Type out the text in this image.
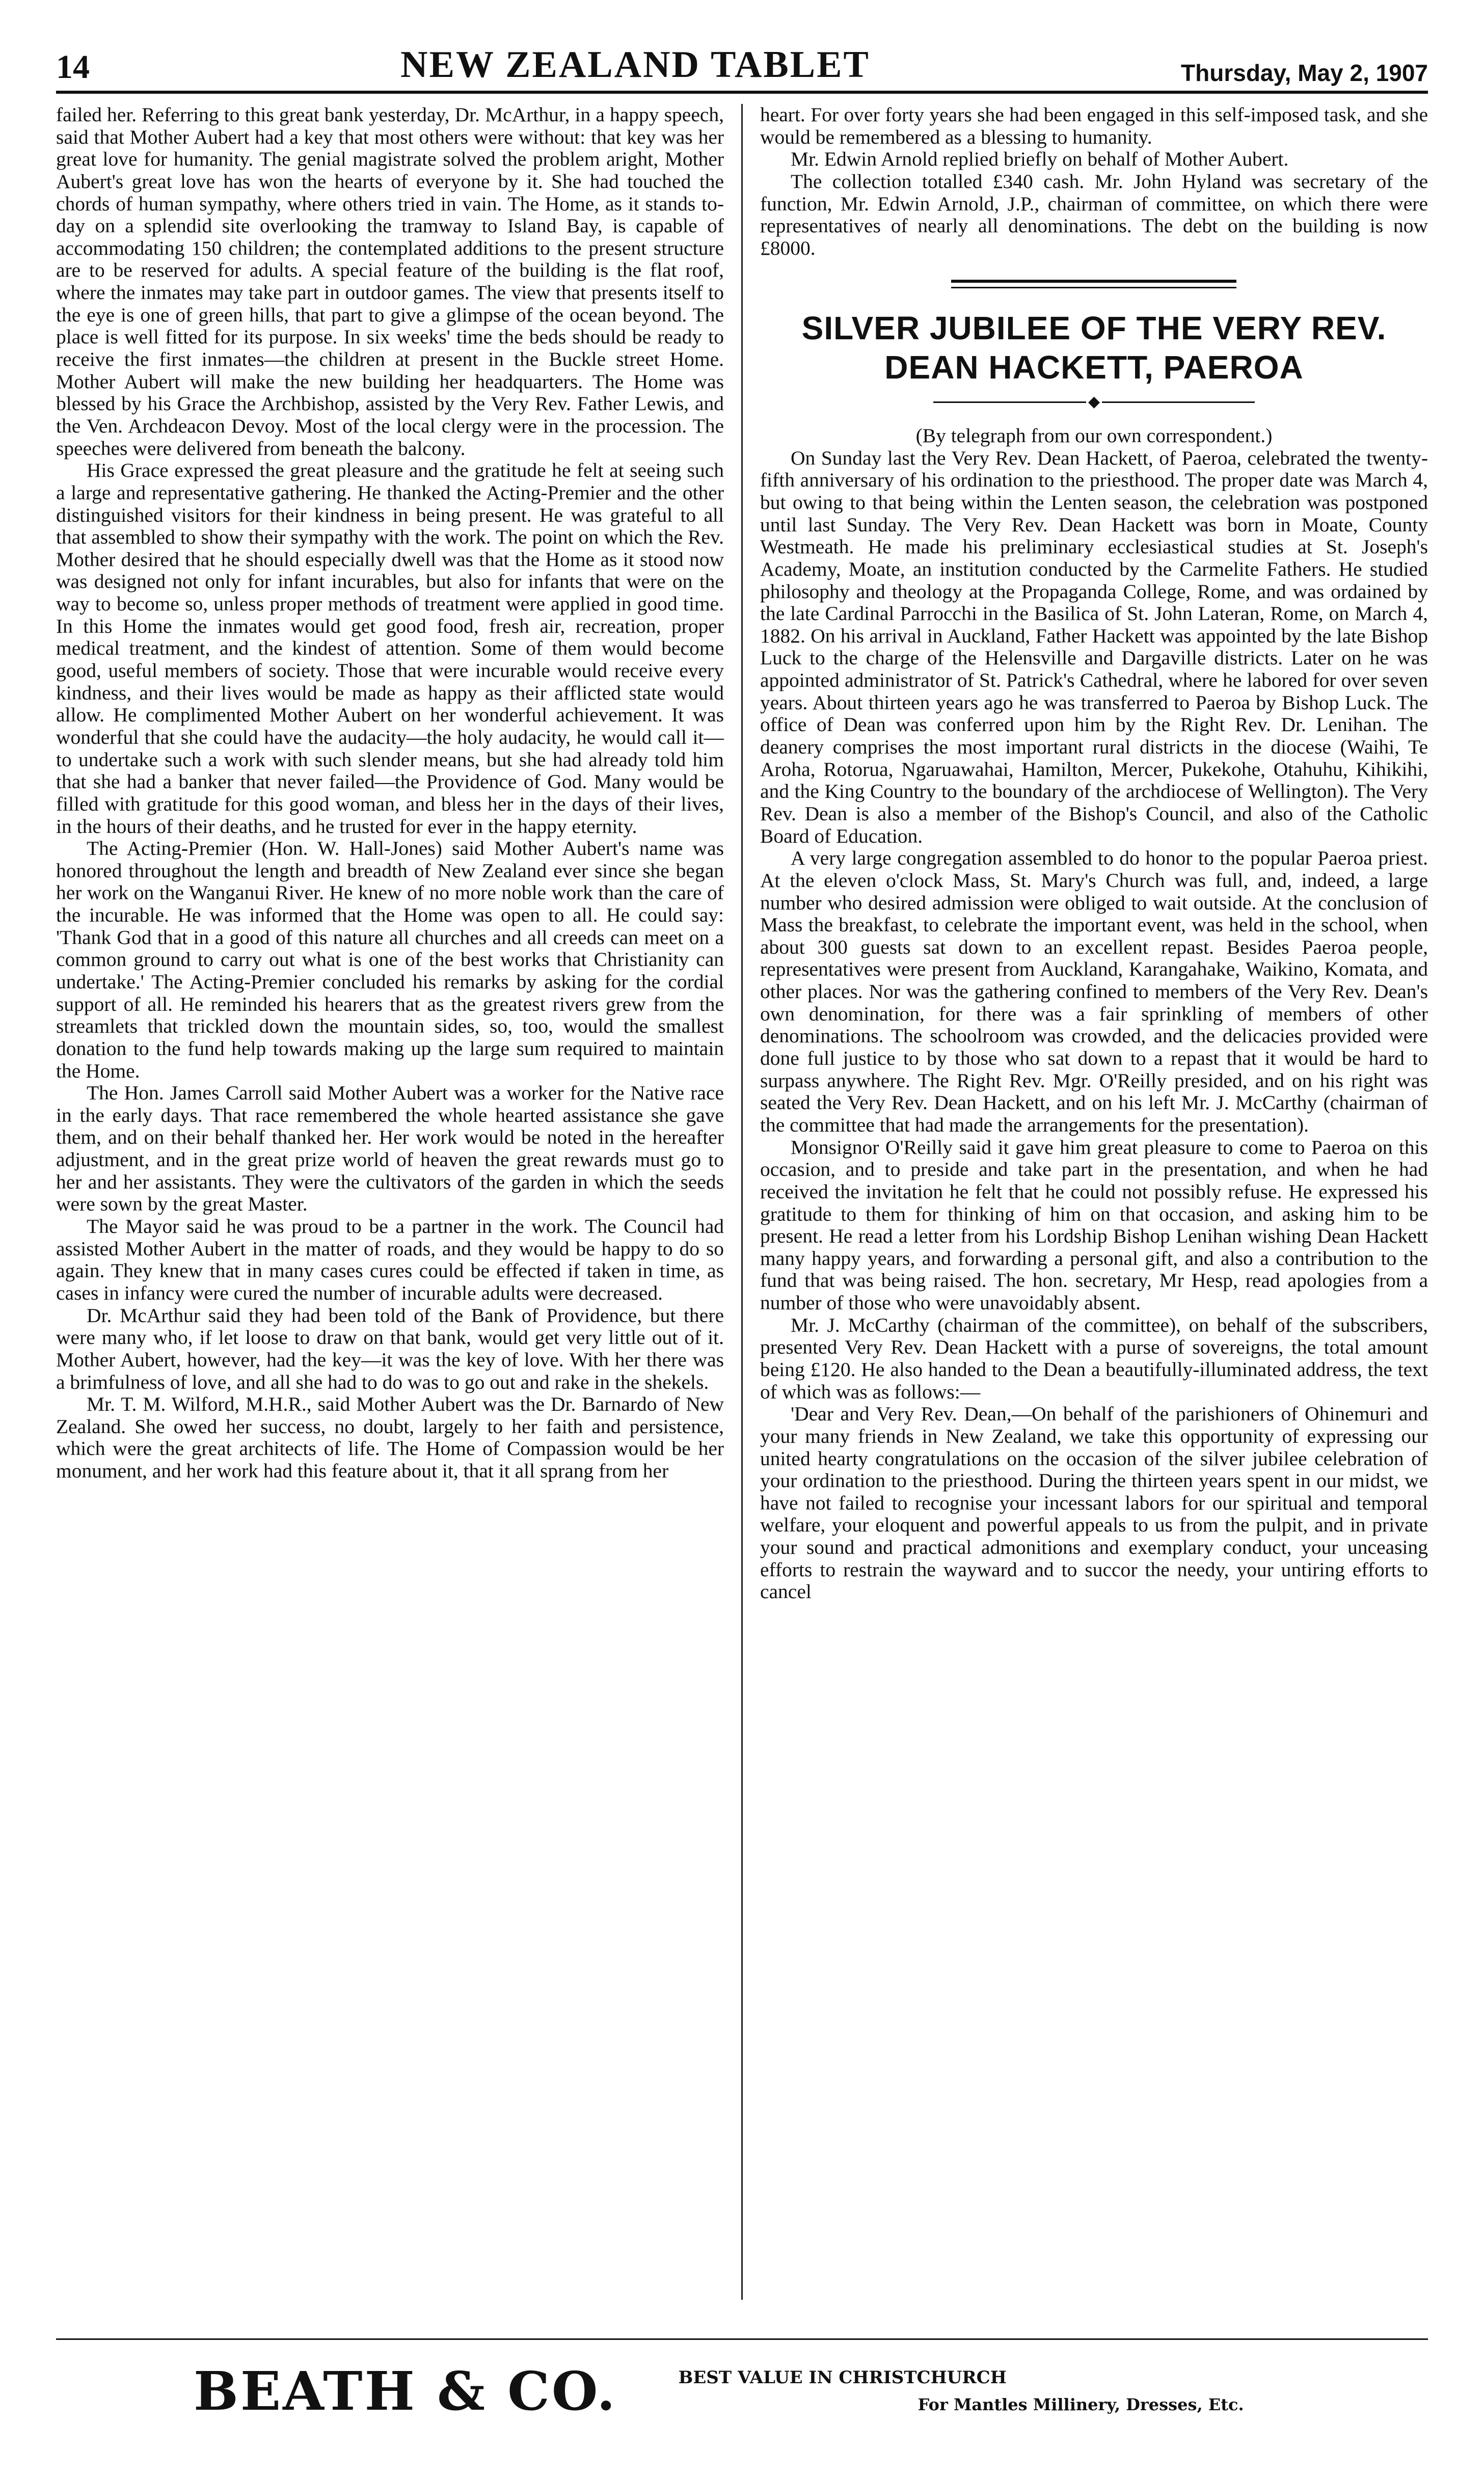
14	NEW ZEALAND TABLET	Thursday, May 2, 1907

failed her. Referring to this great bank yesterday, Dr. McArthur, in a happy speech, said that Mother Aubert had a key that most others were without: that key was her great love for humanity. The genial magistrate solved the problem aright, Mother Aubert's great love has won the hearts of everyone by it. She had touched the chords of human sympathy, where others tried in vain. The Home, as it stands to-day on a splendid site overlooking the tramway to Island Bay, is capable of accommodating 150 children; the contemplated additions to the present structure are to be reserved for adults. A special feature of the building is the flat roof, where the inmates may take part in outdoor games. The view that presents itself to the eye is one of green hills, that part to give a glimpse of the ocean beyond. The place is well fitted for its purpose. In six weeks' time the beds should be ready to receive the first inmates—the children at present in the Buckle street Home. Mother Aubert will make the new building her headquarters. The Home was blessed by his Grace the Archbishop, assisted by the Very Rev. Father Lewis, and the Ven. Archdeacon Devoy. Most of the local clergy were in the procession. The speeches were delivered from beneath the balcony.

His Grace expressed the great pleasure and the gratitude he felt at seeing such a large and representative gathering. He thanked the Acting-Premier and the other distinguished visitors for their kindness in being present. He was grateful to all that assembled to show their sympathy with the work. The point on which the Rev. Mother desired that he should especially dwell was that the Home as it stood now was designed not only for infant incurables, but also for infants that were on the way to become so, unless proper methods of treatment were applied in good time. In this Home the inmates would get good food, fresh air, recreation, proper medical treatment, and the kindest of attention. Some of them would become good, useful members of society. Those that were incurable would receive every kindness, and their lives would be made as happy as their afflicted state would allow. He complimented Mother Aubert on her wonderful achievement. It was wonderful that she could have the audacity—the holy audacity, he would call it—to undertake such a work with such slender means, but she had already told him that she had a banker that never failed—the Providence of God. Many would be filled with gratitude for this good woman, and bless her in the days of their lives, in the hours of their deaths, and he trusted for ever in the happy eternity.

The Acting-Premier (Hon. W. Hall-Jones) said Mother Aubert's name was honored throughout the length and breadth of New Zealand ever since she began her work on the Wanganui River. He knew of no more noble work than the care of the incurable. He was informed that the Home was open to all. He could say: 'Thank God that in a good of this nature all churches and all creeds can meet on a common ground to carry out what is one of the best works that Christianity can undertake.' The Acting-Premier concluded his remarks by asking for the cordial support of all. He reminded his hearers that as the greatest rivers grew from the streamlets that trickled down the mountain sides, so, too, would the smallest donation to the fund help towards making up the large sum required to maintain the Home.

The Hon. James Carroll said Mother Aubert was a worker for the Native race in the early days. That race remembered the whole hearted assistance she gave them, and on their behalf thanked her. Her work would be noted in the hereafter adjustment, and in the great prize world of heaven the great rewards must go to her and her assistants. They were the cultivators of the garden in which the seeds were sown by the great Master.

The Mayor said he was proud to be a partner in the work. The Council had assisted Mother Aubert in the matter of roads, and they would be happy to do so again. They knew that in many cases cures could be effected if taken in time, as cases in infancy were cured the number of incurable adults were decreased.

Dr. McArthur said they had been told of the Bank of Providence, but there were many who, if let loose to draw on that bank, would get very little out of it. Mother Aubert, however, had the key—it was the key of love. With her there was a brimfulness of love, and all she had to do was to go out and rake in the shekels.

Mr. T. M. Wilford, M.H.R., said Mother Aubert was the Dr. Barnardo of New Zealand. She owed her success, no doubt, largely to her faith and persistence, which were the great architects of life. The Home of Compassion would be her monument, and her work had this feature about it, that it all sprang from her

heart. For over forty years she had been engaged in this self-imposed task, and she would be remembered as a blessing to humanity.

Mr. Edwin Arnold replied briefly on behalf of Mother Aubert.

The collection totalled £340 cash. Mr. John Hyland was secretary of the function, Mr. Edwin Arnold, J.P., chairman of committee, on which there were representatives of nearly all denominations. The debt on the building is now £8000.

SILVER JUBILEE OF THE VERY REV.
DEAN HACKETT, PAEROA
◆

(By telegraph from our own correspondent.)

On Sunday last the Very Rev. Dean Hackett, of Paeroa, celebrated the twenty-fifth anniversary of his ordination to the priesthood. The proper date was March 4, but owing to that being within the Lenten season, the celebration was postponed until last Sunday. The Very Rev. Dean Hackett was born in Moate, County Westmeath. He made his preliminary ecclesiastical studies at St. Joseph's Academy, Moate, an institution conducted by the Carmelite Fathers. He studied philosophy and theology at the Propaganda College, Rome, and was ordained by the late Cardinal Parrocchi in the Basilica of St. John Lateran, Rome, on March 4, 1882. On his arrival in Auckland, Father Hackett was appointed by the late Bishop Luck to the charge of the Helensville and Dargaville districts. Later on he was appointed administrator of St. Patrick's Cathedral, where he labored for over seven years. About thirteen years ago he was transferred to Paeroa by Bishop Luck. The office of Dean was conferred upon him by the Right Rev. Dr. Lenihan. The deanery comprises the most important rural districts in the diocese (Waihi, Te Aroha, Rotorua, Ngaruawahai, Hamilton, Mercer, Pukekohe, Otahuhu, Kihikihi, and the King Country to the boundary of the archdiocese of Wellington). The Very Rev. Dean is also a member of the Bishop's Council, and also of the Catholic Board of Education.

A very large congregation assembled to do honor to the popular Paeroa priest. At the eleven o'clock Mass, St. Mary's Church was full, and, indeed, a large number who desired admission were obliged to wait outside. At the conclusion of Mass the breakfast, to celebrate the important event, was held in the school, when about 300 guests sat down to an excellent repast. Besides Paeroa people, representatives were present from Auckland, Karangahake, Waikino, Komata, and other places. Nor was the gathering confined to members of the Very Rev. Dean's own denomination, for there was a fair sprinkling of members of other denominations. The schoolroom was crowded, and the delicacies provided were done full justice to by those who sat down to a repast that it would be hard to surpass anywhere. The Right Rev. Mgr. O'Reilly presided, and on his right was seated the Very Rev. Dean Hackett, and on his left Mr. J. McCarthy (chairman of the committee that had made the arrangements for the presentation).

Monsignor O'Reilly said it gave him great pleasure to come to Paeroa on this occasion, and to preside and take part in the presentation, and when he had received the invitation he felt that he could not possibly refuse. He expressed his gratitude to them for thinking of him on that occasion, and asking him to be present. He read a letter from his Lordship Bishop Lenihan wishing Dean Hackett many happy years, and forwarding a personal gift, and also a contribution to the fund that was being raised. The hon. secretary, Mr Hesp, read apologies from a number of those who were unavoidably absent.

Mr. J. McCarthy (chairman of the committee), on behalf of the subscribers, presented Very Rev. Dean Hackett with a purse of sovereigns, the total amount being £120. He also handed to the Dean a beautifully-illuminated address, the text of which was as follows:—

'Dear and Very Rev. Dean,—On behalf of the parishioners of Ohinemuri and your many friends in New Zealand, we take this opportunity of expressing our united hearty congratulations on the occasion of the silver jubilee celebration of your ordination to the priesthood. During the thirteen years spent in our midst, we have not failed to recognise your incessant labors for our spiritual and temporal welfare, your eloquent and powerful appeals to us from the pulpit, and in private your sound and practical admonitions and exemplary conduct, your unceasing efforts to restrain the wayward and to succor the needy, your untiring efforts to cancel

BEATH & CO.	BEST VALUE IN CHRISTCHURCH
For Mantles Millinery, Dresses, Etc.
